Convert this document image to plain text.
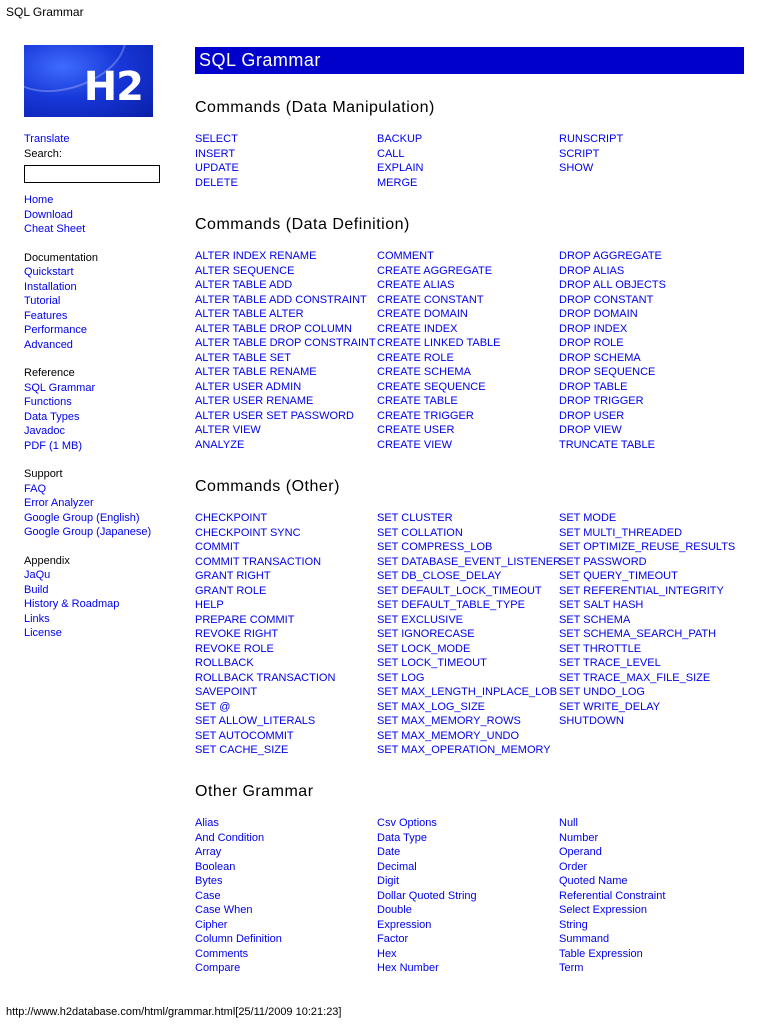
SQL Grammar
H2
Translate
Search:
Home
Download
Cheat Sheet
Documentation
Quickstart
Installation
Tutorial
Features
Performance
Advanced
Reference
SQL Grammar
Functions
Data Types
Javadoc
PDF (1 MB)
Support
FAQ
Error Analyzer
Google Group (English)
Google Group (Japanese)
Appendix
JaQu
Build
History & Roadmap
Links
License
SQL Grammar
Commands (Data Manipulation)
SELECT
INSERT
UPDATE
DELETE
BACKUP
CALL
EXPLAIN
MERGE
RUNSCRIPT
SCRIPT
SHOW
Commands (Data Definition)
ALTER INDEX RENAME
ALTER SEQUENCE
ALTER TABLE ADD
ALTER TABLE ADD CONSTRAINT
ALTER TABLE ALTER
ALTER TABLE DROP COLUMN
ALTER TABLE DROP CONSTRAINT
ALTER TABLE SET
ALTER TABLE RENAME
ALTER USER ADMIN
ALTER USER RENAME
ALTER USER SET PASSWORD
ALTER VIEW
ANALYZE
COMMENT
CREATE AGGREGATE
CREATE ALIAS
CREATE CONSTANT
CREATE DOMAIN
CREATE INDEX
CREATE LINKED TABLE
CREATE ROLE
CREATE SCHEMA
CREATE SEQUENCE
CREATE TABLE
CREATE TRIGGER
CREATE USER
CREATE VIEW
DROP AGGREGATE
DROP ALIAS
DROP ALL OBJECTS
DROP CONSTANT
DROP DOMAIN
DROP INDEX
DROP ROLE
DROP SCHEMA
DROP SEQUENCE
DROP TABLE
DROP TRIGGER
DROP USER
DROP VIEW
TRUNCATE TABLE
Commands (Other)
CHECKPOINT
CHECKPOINT SYNC
COMMIT
COMMIT TRANSACTION
GRANT RIGHT
GRANT ROLE
HELP
PREPARE COMMIT
REVOKE RIGHT
REVOKE ROLE
ROLLBACK
ROLLBACK TRANSACTION
SAVEPOINT
SET @
SET ALLOW_LITERALS
SET AUTOCOMMIT
SET CACHE_SIZE
SET CLUSTER
SET COLLATION
SET COMPRESS_LOB
SET DATABASE_EVENT_LISTENER
SET DB_CLOSE_DELAY
SET DEFAULT_LOCK_TIMEOUT
SET DEFAULT_TABLE_TYPE
SET EXCLUSIVE
SET IGNORECASE
SET LOCK_MODE
SET LOCK_TIMEOUT
SET LOG
SET MAX_LENGTH_INPLACE_LOB
SET MAX_LOG_SIZE
SET MAX_MEMORY_ROWS
SET MAX_MEMORY_UNDO
SET MAX_OPERATION_MEMORY
SET MODE
SET MULTI_THREADED
SET OPTIMIZE_REUSE_RESULTS
SET PASSWORD
SET QUERY_TIMEOUT
SET REFERENTIAL_INTEGRITY
SET SALT HASH
SET SCHEMA
SET SCHEMA_SEARCH_PATH
SET THROTTLE
SET TRACE_LEVEL
SET TRACE_MAX_FILE_SIZE
SET UNDO_LOG
SET WRITE_DELAY
SHUTDOWN
Other Grammar
Alias
And Condition
Array
Boolean
Bytes
Case
Case When
Cipher
Column Definition
Comments
Compare
Csv Options
Data Type
Date
Decimal
Digit
Dollar Quoted String
Double
Expression
Factor
Hex
Hex Number
Null
Number
Operand
Order
Quoted Name
Referential Constraint
Select Expression
String
Summand
Table Expression
Term
http://www.h2database.com/html/grammar.html[25/11/2009 10:21:23]
